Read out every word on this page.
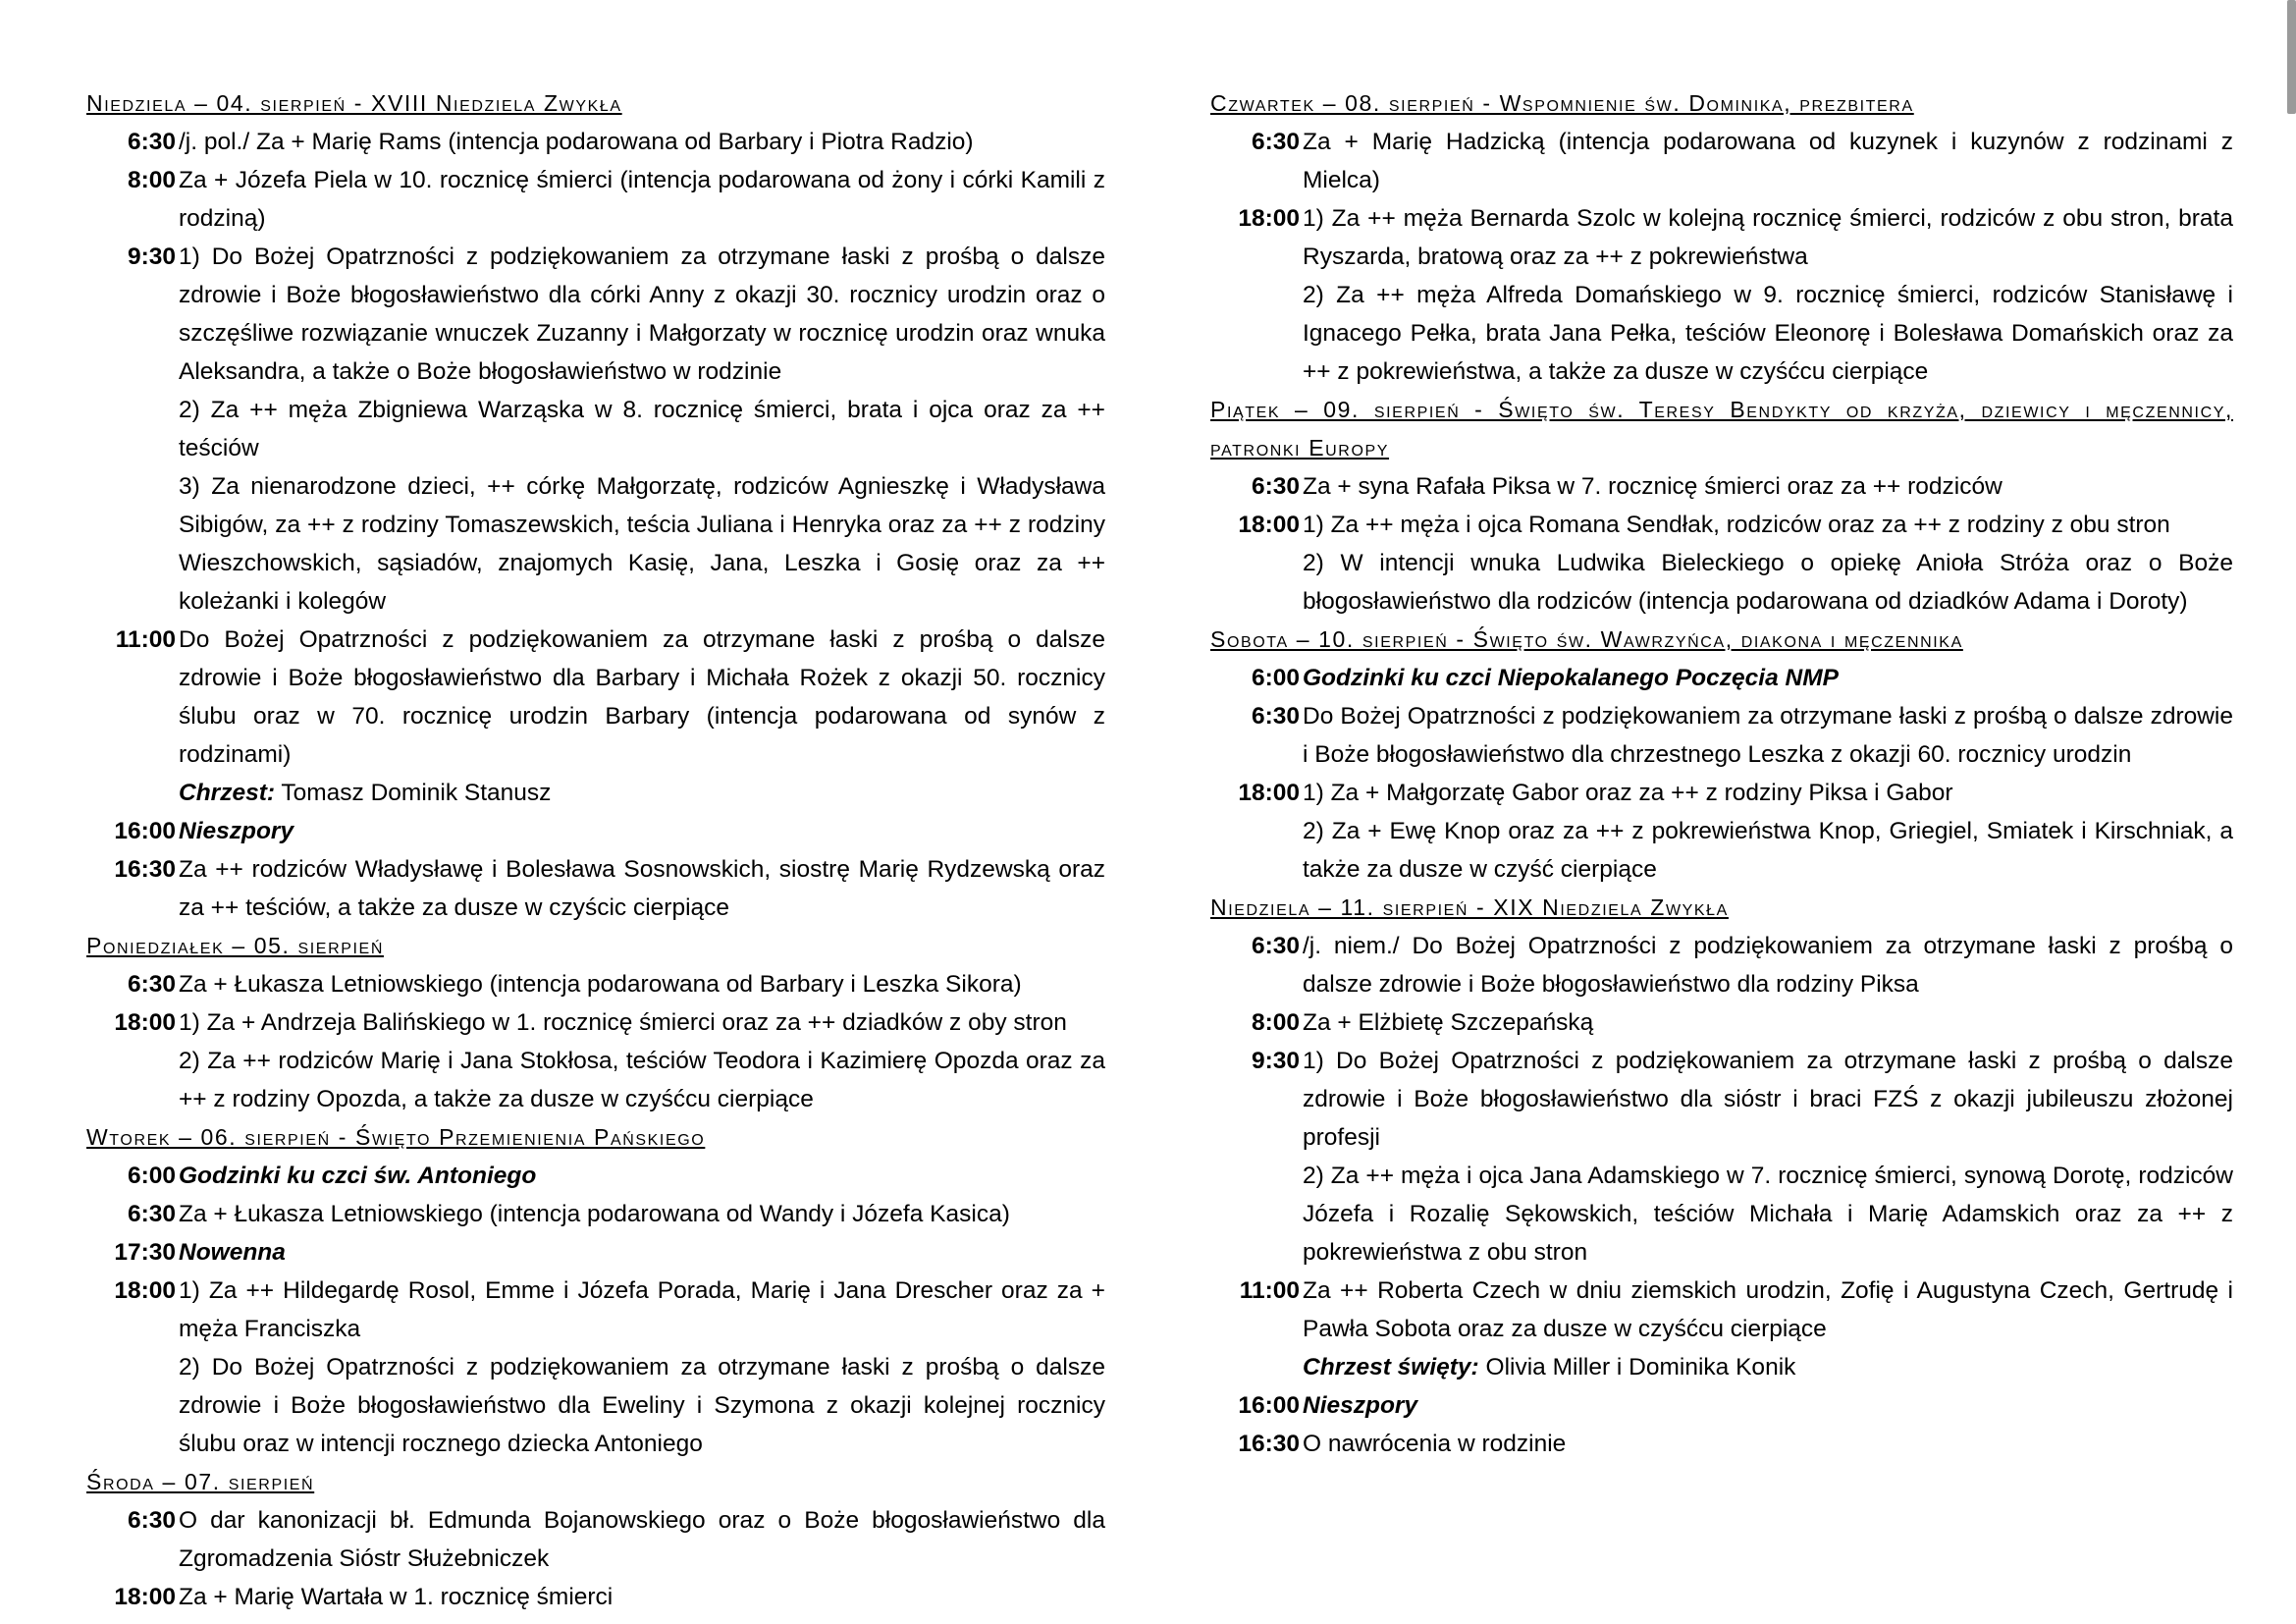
Niedziela – 04. sierpień - XVIII Niedziela Zwykła
6:30 /j. pol./ Za + Marię Rams (intencja podarowana od Barbary i Piotra Radzio)
8:00 Za + Józefa Piela w 10. rocznicę śmierci (intencja podarowana od żony i córki Kamili z rodziną)
9:30 1) Do Bożej Opatrzności z podziękowaniem za otrzymane łaski z prośbą o dalsze zdrowie i Boże błogosławieństwo dla córki Anny z okazji 30. rocznicy urodzin oraz o szczęśliwe rozwiązanie wnuczek Zuzanny i Małgorzaty w rocznicę urodzin oraz wnuka Aleksandra, a także o Boże błogosławieństwo w rodzinie
2) Za ++ męża Zbigniewa Warząska w 8. rocznicę śmierci, brata i ojca oraz za ++ teściów
3) Za nienarodzone dzieci, ++ córkę Małgorzatę, rodziców Agnieszkę i Władysława Sibigów, za ++ z rodziny Tomaszewskich, teścia Juliana i Henryka oraz za ++ z rodziny Wieszchowskich, sąsiadów, znajomych Kasię, Jana, Leszka i Gosię oraz za ++ koleżanki i kolegów
11:00 Do Bożej Opatrzności z podziękowaniem za otrzymane łaski z prośbą o dalsze zdrowie i Boże błogosławieństwo dla Barbary i Michała Rożek z okazji 50. rocznicy ślubu oraz w 70. rocznicę urodzin Barbary (intencja podarowana od synów z rodzinami)
Chrzest: Tomasz Dominik Stanusz
16:00 Nieszpory
16:30 Za ++ rodziców Władysławę i Bolesława Sosnowskich, siostrę Marię Rydzewską oraz za ++ teściów, a także za dusze w czyścic cierpiące
Poniedziałek – 05. sierpień
6:30 Za + Łukasza Letniowskiego (intencja podarowana od Barbary i Leszka Sikora)
18:00 1) Za + Andrzeja Balińskiego w 1. rocznicę śmierci oraz za ++ dziadków z oby stron
2) Za ++ rodziców Marię i Jana Stokłosa, teściów Teodora i Kazimierę Opozda oraz za ++ z rodziny Opozda, a także za dusze w czyśćcu cierpiące
Wtorek – 06. sierpień - Święto Przemienienia Pańskiego
6:00 Godzinki ku czci św. Antoniego
6:30 Za + Łukasza Letniowskiego (intencja podarowana od Wandy i Józefa Kasica)
17:30 Nowenna
18:00 1) Za ++ Hildegardę Rosol, Emme i Józefa Porada, Marię i Jana Drescher oraz za + męża Franciszka
2) Do Bożej Opatrzności z podziękowaniem za otrzymane łaski z prośbą o dalsze zdrowie i Boże błogosławieństwo dla Eweliny i Szymona z okazji kolejnej rocznicy ślubu oraz w intencji rocznego dziecka Antoniego
Środa – 07. sierpień
6:30 O dar kanonizacji bł. Edmunda Bojanowskiego oraz o Boże błogosławieństwo dla Zgromadzenia Sióstr Służebniczek
18:00 Za + Marię Wartała w 1. rocznicę śmierci
Czwartek – 08. sierpień - Wspomnienie św. Dominika, prezbitera
6:30 Za + Marię Hadzicką (intencja podarowana od kuzynek i kuzynów z rodzinami z Mielca)
18:00 1) Za ++ męża Bernarda Szolc w kolejną rocznicę śmierci, rodziców z obu stron, brata Ryszarda, bratową oraz za ++ z pokrewieństwa
2) Za ++ męża Alfreda Domańskiego w 9. rocznicę śmierci, rodziców Stanisławę i Ignacego Pełka, brata Jana Pełka, teściów Eleonorę i Bolesława Domańskich oraz za ++ z pokrewieństwa, a także za dusze w czyśćcu cierpiące
Piątek – 09. sierpień - Święto św. Teresy Bendykty od krzyża, dziewicy i męczennicy, patronki Europy
6:30 Za + syna Rafała Piksa w 7. rocznicę śmierci oraz za ++ rodziców
18:00 1) Za ++ męża i ojca Romana Sendłak, rodziców oraz za ++ z rodziny z obu stron
2) W intencji wnuka Ludwika Bieleckiego o opiekę Anioła Stróża oraz o Boże błogosławieństwo dla rodziców (intencja podarowana od dziadków Adama i Doroty)
Sobota – 10. sierpień - Święto św. Wawrzyńca, diakona i męczennika
6:00 Godzinki ku czci Niepokalanego Poczęcia NMP
6:30 Do Bożej Opatrzności z podziękowaniem za otrzymane łaski z prośbą o dalsze zdrowie i Boże błogosławieństwo dla chrzestnego Leszka z okazji 60. rocznicy urodzin
18:00 1) Za + Małgorzatę Gabor oraz za ++ z rodziny Piksa i Gabor
2) Za + Ewę Knop oraz za ++ z pokrewieństwa Knop, Griegiel, Smiatek i Kirschniak, a także za dusze w czyść cierpiące
Niedziela – 11. sierpień - XIX Niedziela Zwykła
6:30 /j. niem./ Do Bożej Opatrzności z podziękowaniem za otrzymane łaski z prośbą o dalsze zdrowie i Boże błogosławieństwo dla rodziny Piksa
8:00 Za + Elżbietę Szczepańską
9:30 1) Do Bożej Opatrzności z podziękowaniem za otrzymane łaski z prośbą o dalsze zdrowie i Boże błogosławieństwo dla sióstr i braci FZŚ z okazji jubileuszu złożonej profesji
2) Za ++ męża i ojca Jana Adamskiego w 7. rocznicę śmierci, synową Dorotę, rodziców Józefa i Rozalię Sękowskich, teściów Michała i Marię Adamskich oraz za ++ z pokrewieństwa z obu stron
11:00 Za ++ Roberta Czech w dniu ziemskich urodzin, Zofię i Augustyna Czech, Gertrudę i Pawła Sobota oraz za dusze w czyśćcu cierpiące
Chrzest święty: Olivia Miller i Dominika Konik
16:00 Nieszpory
16:30 O nawrócenia w rodzinie
